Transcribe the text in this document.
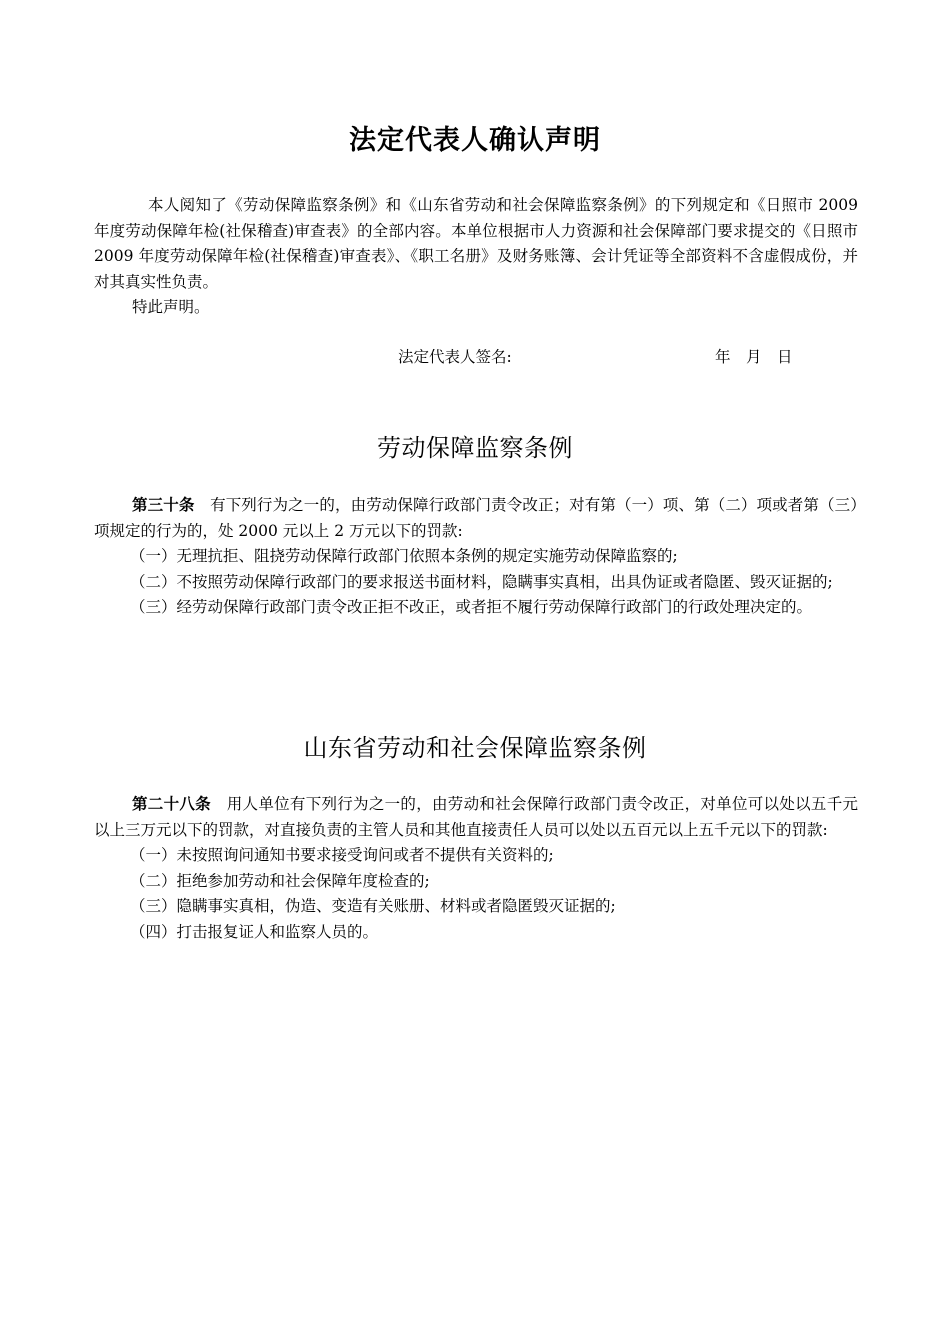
法定代表人确认声明

本人阅知了《劳动保障监察条例》和《山东省劳动和社会保障监察条例》的下列规定和《日照市 2009 年度劳动保障年检(社保稽查)审查表》的全部内容。本单位根据市人力资源和社会保障部门要求提交的《日照市 2009 年度劳动保障年检(社保稽查)审查表》、《职工名册》及财务账簿、会计凭证等全部资料不含虚假成份，并对其真实性负责。

特此声明。

法定代表人签名:	年　月　日
劳动保障监察条例

第三十条　 有下列行为之一的，由劳动保障行政部门责令改正；对有第（一）项、第（二）项或者第（三）项规定的行为的，处 2000 元以上 2 万元以下的罚款:

（一）无理抗拒、阻挠劳动保障行政部门依照本条例的规定实施劳动保障监察的;

（二）不按照劳动保障行政部门的要求报送书面材料，隐瞒事实真相，出具伪证或者隐匿、毁灭证据的;

（三）经劳动保障行政部门责令改正拒不改正，或者拒不履行劳动保障行政部门的行政处理决定的。

山东省劳动和社会保障监察条例

第二十八条　 用人单位有下列行为之一的，由劳动和社会保障行政部门责令改正，对单位可以处以五千元以上三万元以下的罚款，对直接负责的主管人员和其他直接责任人员可以处以五百元以上五千元以下的罚款:

（一）未按照询问通知书要求接受询问或者不提供有关资料的;

（二）拒绝参加劳动和社会保障年度检查的;

（三）隐瞒事实真相，伪造、变造有关账册、材料或者隐匿毁灭证据的;

（四）打击报复证人和监察人员的。
